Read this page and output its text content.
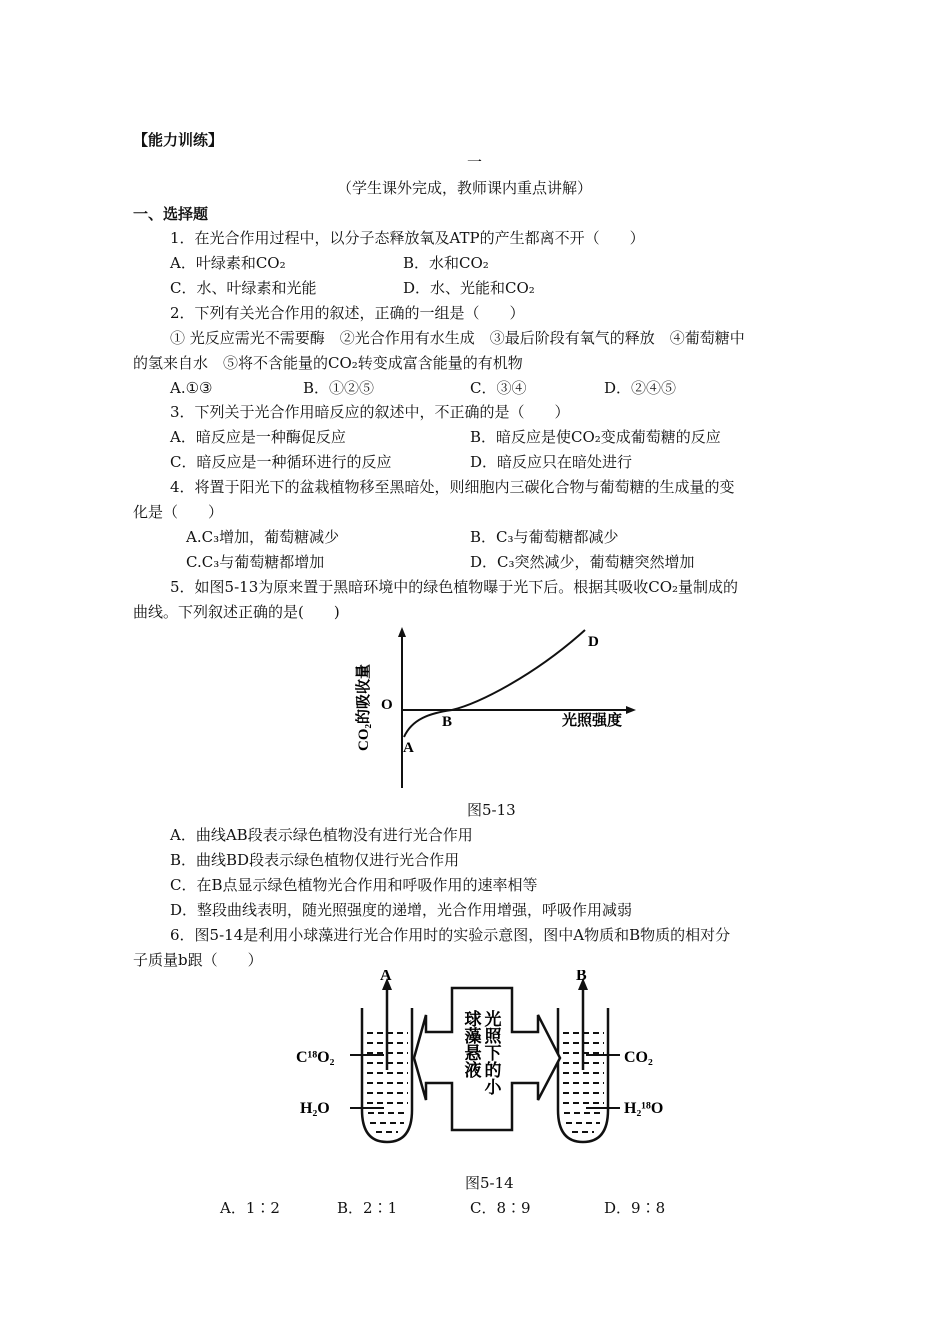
【能力训练】
一
（学生课外完成，教师课内重点讲解）
一、选择题
1．在光合作用过程中，以分子态释放氧及ATP的产生都离不开（　　）
A．叶绿素和CO₂	B．水和CO₂
C．水、叶绿素和光能	D．水、光能和CO₂
2．下列有关光合作用的叙述，正确的一组是（　　）
① 光反应需光不需要酶　②光合作用有水生成　③最后阶段有氧气的释放　④葡萄糖中
的氢来自水　⑤将不含能量的CO₂转变成富含能量的有机物
A.①③	B．①②⑤	C．③④	D．②④⑤
3．下列关于光合作用暗反应的叙述中，不正确的是（　　）
A．暗反应是一种酶促反应	B．暗反应是使CO₂变成葡萄糖的反应
C．暗反应是一种循环进行的反应	D．暗反应只在暗处进行
4．将置于阳光下的盆栽植物移至黑暗处，则细胞内三碳化合物与葡萄糖的生成量的变
化是（　　）
A.C₃增加，葡萄糖减少	B．C₃与葡萄糖都减少
C.C₃与葡萄糖都增加	D．C₃突然减少，葡萄糖突然增加
5．如图5-13为原来置于黑暗环境中的绿色植物曝于光下后。根据其吸收CO₂量制成的
曲线。下列叙述正确的是(　　)
CO₂的吸收量	光照强度
O
A
B
D
图5-13
A．曲线AB段表示绿色植物没有进行光合作用
B．曲线BD段表示绿色植物仅进行光合作用
C．在B点显示绿色植物光合作用和呼吸作用的速率相等
D．整段曲线表明，随光照强度的递增，光合作用增强，呼吸作用减弱
6．图5-14是利用小球藻进行光合作用时的实验示意图，图中A物质和B物质的相对分
子质量b跟（　　）
A	B
C¹⁸O₂
H₂O
CO₂
H₂¹⁸O
光照下的小
球藻悬液
图5-14
A．1∶2	B．2∶1	C．8∶9	D．9∶8
